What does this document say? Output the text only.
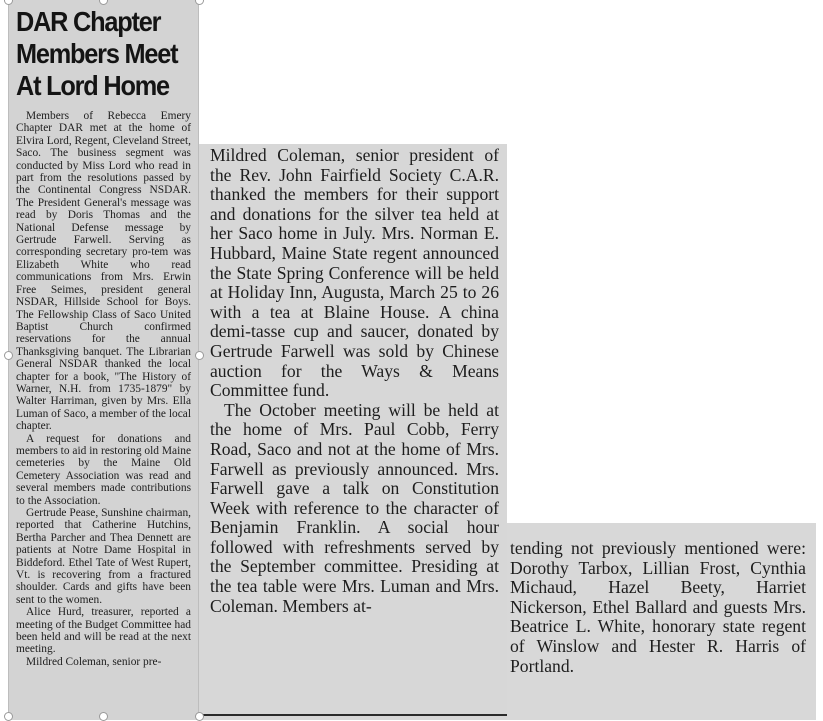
DAR Chapter
Members Meet
At Lord Home

Members of Rebecca Emery Chapter DAR met at the home of Elvira Lord, Regent, Cleveland Street, Saco. The business segment was conducted by Miss Lord who read in part from the resolutions passed by the Continental Congress NSDAR. The President General's message was read by Doris Thomas and the National Defense message by Gertrude Farwell. Serving as corresponding secretary pro-tem was Elizabeth White who read communications from Mrs. Erwin Free Seimes, president general NSDAR, Hillside School for Boys. The Fellowship Class of Saco United Baptist Church confirmed reservations for the annual Thanksgiving banquet. The Librarian General NSDAR thanked the local chapter for a book, "The History of Warner, N.H. from 1735-1879" by Walter Harriman, given by Mrs. Ella Luman of Saco, a member of the local chapter.

A request for donations and members to aid in restoring old Maine cemeteries by the Maine Old Cemetery Association was read and several members made contributions to the Association.

Gertrude Pease, Sunshine chairman, reported that Catherine Hutchins, Bertha Parcher and Thea Dennett are patients at Notre Dame Hospital in Biddeford. Ethel Tate of West Rupert, Vt. is recovering from a fractured shoulder. Cards and gifts have been sent to the women.

Alice Hurd, treasurer, reported a meeting of the Budget Committee had been held and will be read at the next meeting.

Mildred Coleman, senior pre-

Mildred Coleman, senior president of the Rev. John Fairfield Society C.A.R. thanked the members for their support and donations for the silver tea held at her Saco home in July. Mrs. Norman E. Hubbard, Maine State regent announced the State Spring Conference will be held at Holiday Inn, Augusta, March 25 to 26 with a tea at Blaine House. A china demi-tasse cup and saucer, donated by Gertrude Farwell was sold by Chinese auction for the Ways & Means Committee fund.

The October meeting will be held at the home of Mrs. Paul Cobb, Ferry Road, Saco and not at the home of Mrs. Farwell as previously announced. Mrs. Farwell gave a talk on Constitution Week with reference to the character of Benjamin Franklin. A social hour followed with refreshments served by the September committee. Presiding at the tea table were Mrs. Luman and Mrs. Coleman. Members at-

tending not previously mentioned were: Dorothy Tarbox, Lillian Frost, Cynthia Michaud, Hazel Beety, Harriet Nickerson, Ethel Ballard and guests Mrs. Beatrice L. White, honorary state regent of Winslow and Hester R. Harris of Portland.
